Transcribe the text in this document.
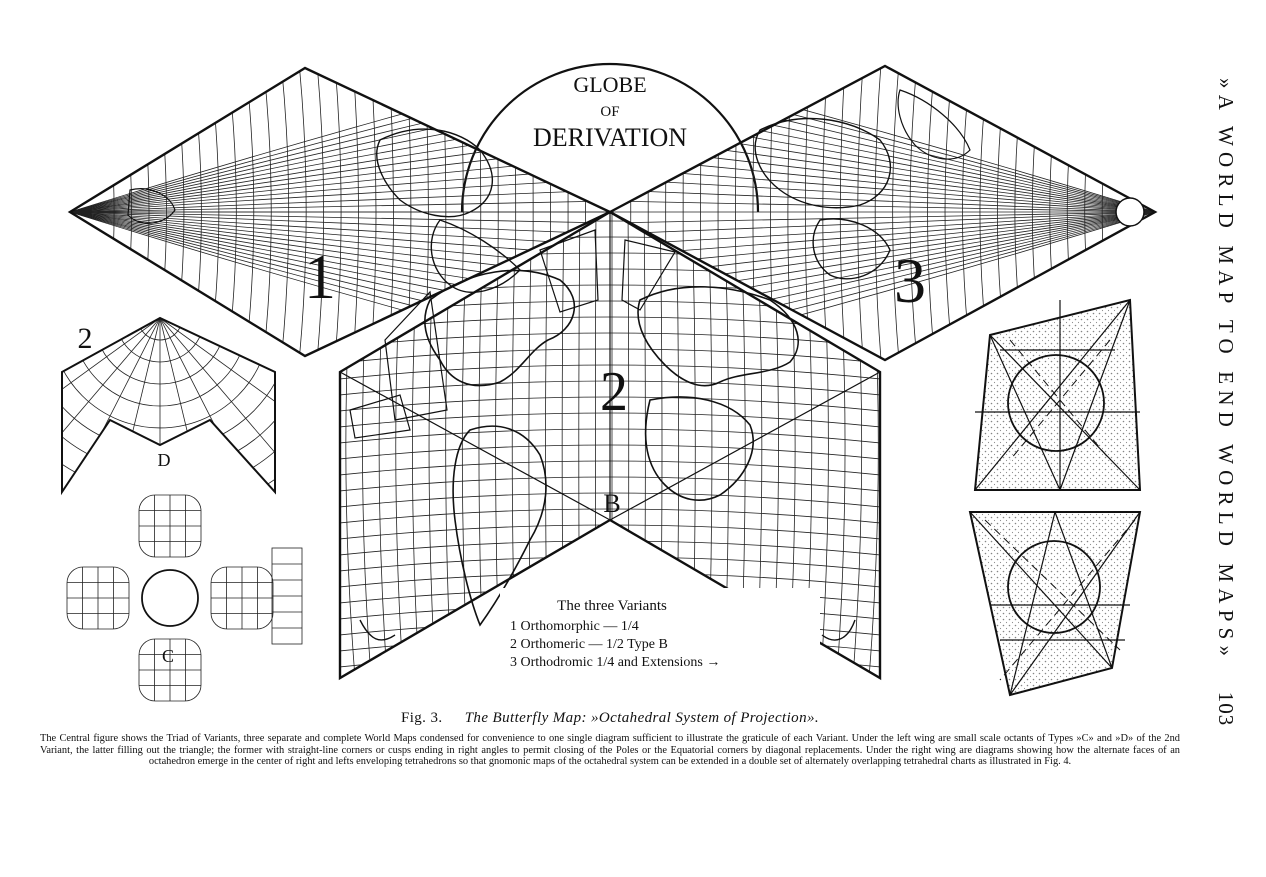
GLOBE
OF
DERIVATION
1
2
3
2
B
D
C
The three Variants
1 Orthomorphic — 1/4
2 Orthomeric — 1/2 Type B
3 Orthodromic 1/4 and Extensions →

Fig. 3. The Butterfly Map: »Octahedral System of Projection».

The Central figure shows the Triad of Variants, three separate and complete World Maps condensed for convenience to one single diagram sufficient to illustrate the graticule of each Variant. Under the left wing are small scale octants of Types »C» and »D» of the 2nd Variant, the latter filling out the triangle; the former with straight-line corners or cusps ending in right angles to permit closing of the Poles or the Equatorial corners by diagonal replacements. Under the right wing are diagrams showing how the alternate faces of an octahedron emerge in the center of right and lefts enveloping tetrahedrons so that gnomonic maps of the octahedral system can be extended in a double set of alternately overlapping tetrahedral charts as illustrated in Fig. 4.

»A WORLD MAP TO END WORLD MAPS» 103
